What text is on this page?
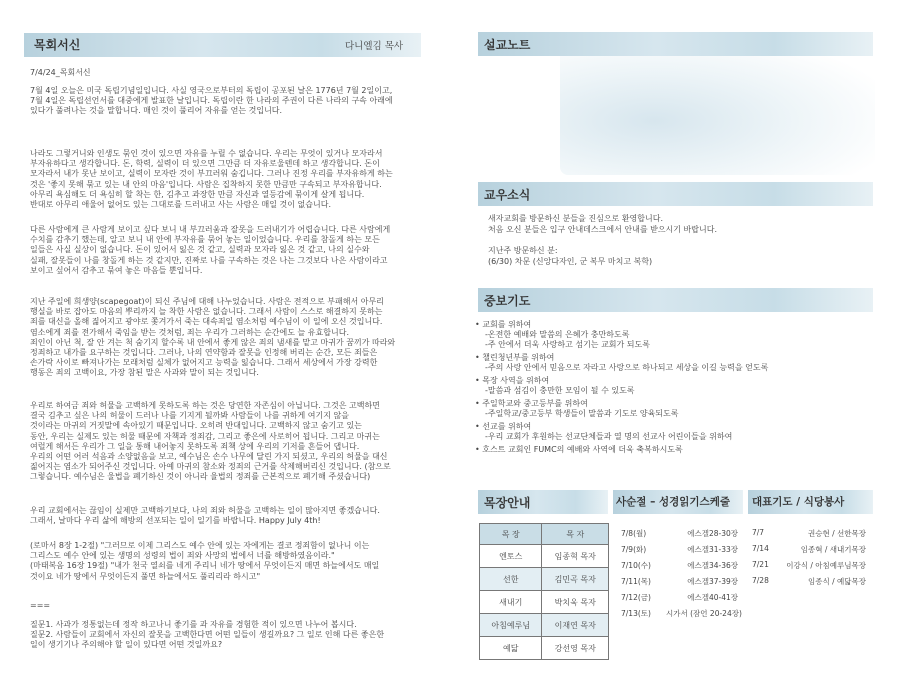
목회서신	다니엘김 목사
7/4/24_목회서신

7월 4일 오늘은 미국 독립기념일입니다. 사실 영국으로부터의 독립이 공포된 날은 1776년 7월 2일이고,
7월 4일은 독립선언서를 대중에게 발표한 날입니다. 독립이란 한 나라의 주권이 다른 나라의 구속 아래에
있다가 풀려나는 것을 말합니다. 매인 것이 풀리어 자유를 얻는 것입니다.

나라도 그렇거니와 인생도 묶인 것이 있으면 자유를 누릴 수 없습니다. 우리는 무엇이 있거나 모자라서
부자유하다고 생각합니다. 돈, 학력, 실력이 더 있으면 그만큼 더 자유로울텐데 하고 생각합니다. 돈이
모자라서 내가 못난 보이고, 실력이 모자란 것이 부끄러워 숨깁니다. 그러나 진정 우리를 부자유하게 하는
것은 '좋지 못해 묶고 있는 내 안의 마음'입니다. 사람은 집착하지 못한 만큼만 구속되고 부자유합니다.
아무리 욕심해도 더 욕심히 할 착는 한, 김추고 과장한 만큼 자신과 열등감에 묶이게 살게 됩니다.
반대로 아무리 애울어 없어도 있는 그대로를 드러내고 사는 사람은 매일 것이 없습니다.

다른 사람에게 큰 사람게 보이고 싶다 보니 내 부끄러움과 잘못을 드러내기가 어렵습니다. 다른 사람에게
수치를 감추기 했는데, 알고 보니 내 안에 부자유를 묶어 놓는 일이었습니다. 우리를 참돌게 하는 모든
일들은 사실 실상이 없습니다. 돈이 있어서 잃은 것 같고, 실력과 모자라 잃은 것 같고, 나의 실수와
실패, 잘못들이 나를 창돌게 하는 것 같지만, 진짜로 나를 구속하는 것은 나는 그것보다 나은 사람이라고
보이고 싶어서 감추고 묶여 놓은 마음들 뿐입니다.

지난 주일에 희생양(scapegoat)이 되신 주님에 대해 나누었습니다. 사람은 전적으로 부패해서 아무리
행실을 바로 잡아도 마음의 뿌리까지 늘 착한 사람은 없습니다. 그래서 사람이 스스로 해결하지 못하는
죄를 대신을 올해 짊어지고 광야로 쫓겨가서 죽는 대속죄일 염소처럼 예수님이 이 일에 오신 것입니다.
염소에게 죄를 전가해서 죽임을 받는 것처럼, 죄는 우리가 그러하는 순간에도 늘 유효합니다.
죄인이 아닌 척, 잘 안 겨는 척 숨기지 할수록 내 안에서 좋게 않은 죄의 냄새를 맡고 마귀가 꿈끼가 따라와
정죄하고 내가를 요구하는 것입니다. 그러나, 나의 연약함과 잘못을 인정해 버리는 순간, 모든 죄들은
손가락 사이로 빠져나가는 모래처럼 실체가 없어지고 능력을 잃습니다. 그래서 세상에서 가장 강력한
행동은 죄의 고백이요, 가장 참된 말은 사과와 말이 되는 것입니다.

우리로 하여금 죄와 허물을 고백하게 못하도록 하는 것은 당연한 자존심이 아닙니다. 그것은 고백하면
결국 김추고 싶은 나의 허물이 드러나 나를 기지게 될까봐 사람들이 나를 귀하게 여기지 않을
것이라는 마귀의 거짓말에 속아있기 때문입니다. 오히려 반대입니다. 고백하지 않고 숨기고 있는
동안, 우리는 실제도 있는 허물 때문에 자책과 정죄감, 그리고 좋은에 사로히어 됩니다. 그리고 마귀는
여럴게 해서든 우리가 그 일을 통해 내어놓지 못하도록 죄책 상에 우리의 기저를 흔들어 댑니다.
우리의 어떤 어러 석음과 소양없음을 보고, 예수님은 손수 나무에 달린 가지 되셨고, 우리의 허물을 대신
짊어지는 염소가 되어주신 것입니다. 아예 마귀의 참소와 정죄의 근거를 삭제해버리신 것입니다. (참으로
그렇습니다. 예수님은 울법을 폐기하신 것이 아니라 율법의 정죄를 근본적으로 폐기해 주셨습니다)

우리 교회에서는 끊임이 실제만 고백하기보다, 나의 죄와 허물을 고백하는 일이 많아지면 좋겠습니다.
그래서, 날마다 우리 삶에 해방의 선포되는 일이 일기를 바랍니다. Happy July 4th!

(로마서 8장 1-2절) "그러므로 이제 그리스도 예수 안에 있는 자에게는 결코 정죄함이 없나니 이는
그리스도 예수 안에 있는 생명의 성령의 법이 죄와 사망의 법에서 너를 해방하였음이라."
(마태복음 16장 19절) "내가 천국 열쇠를 네게 주리니 네가 땅에서 무엇이든지 매면 하늘에서도 매일
것이요 네가 땅에서 무엇이든지 풀면 하늘에서도 풀리리라 하시고"

===

질문1. 사과가 정통없는데 정작 하고나니 좋기를 과 자유를 경험한 적이 있으면 나누어 봅시다.
질문2. 사람들이 교회에서 자신의 잘못을 고백한다면 어떤 일들이 생길까요? 그 일로 인해 다른 좋은한
일이 생기기나 주의해야 할 일이 있다면 어떤 것일까요?

설교노트
교우소식
새자교회를 방문하신 분들을 진심으로 환영합니다.
처음 오신 분들은 입구 안내데스크에서 안내를 받으시기 바랍니다.
지난주 방문하신 분:
(6/30) 차문 (신앙다자인, 군 복무 마치고 복학)
중보기도
• 교회를 위하여
-온전한 예배와 말씀의 은혜가 충만하도록
-주 안에서 더욱 사랑하고 섬기는 교회가 되도록
• 챌린청년부를 위하여
-주의 사랑 안에서 믿음으로 자라고 사랑으로 하나되고 세상을 이길 능력을 얻도록
• 목장 사역을 위하여
-말씀과 섬김이 충만한 모임이 될 수 있도록
• 주일학교와 중고등부를 위하여
-주일학교/중고등부 학생들이 말씀과 기도로 양육되도록
• 선교를 위하여
-우리 교회가 후원하는 선교단체들과 열 명의 선교사 어린이들을 위하여
• 호스트 교회인 FUMC의 예배와 사역에 더욱 축복하시도록
목장안내
목 장	목 자
엔토스	임종혁 목자
선한	김민곡 목자
새내기	박치욱 목자
아침예루님	이재연 목자
예닯	강선영 목자
사순절 – 성경읽기스케줄
7/8(월)	에스겔28-30장
7/9(화)	에스겔31-33장
7/10(수)	에스겔34-36장
7/11(목)	에스겔37-39장
7/12(금)	에스겔40-41장
7/13(토) 시가서 (잠언 20-24장)
대표기도 / 식당봉사
7/7	권승현 / 선한목장
7/14	임종혁 / 새내기목장
7/21	이강식 / 아침예루님목장
7/28	임종식 / 예닯목장
